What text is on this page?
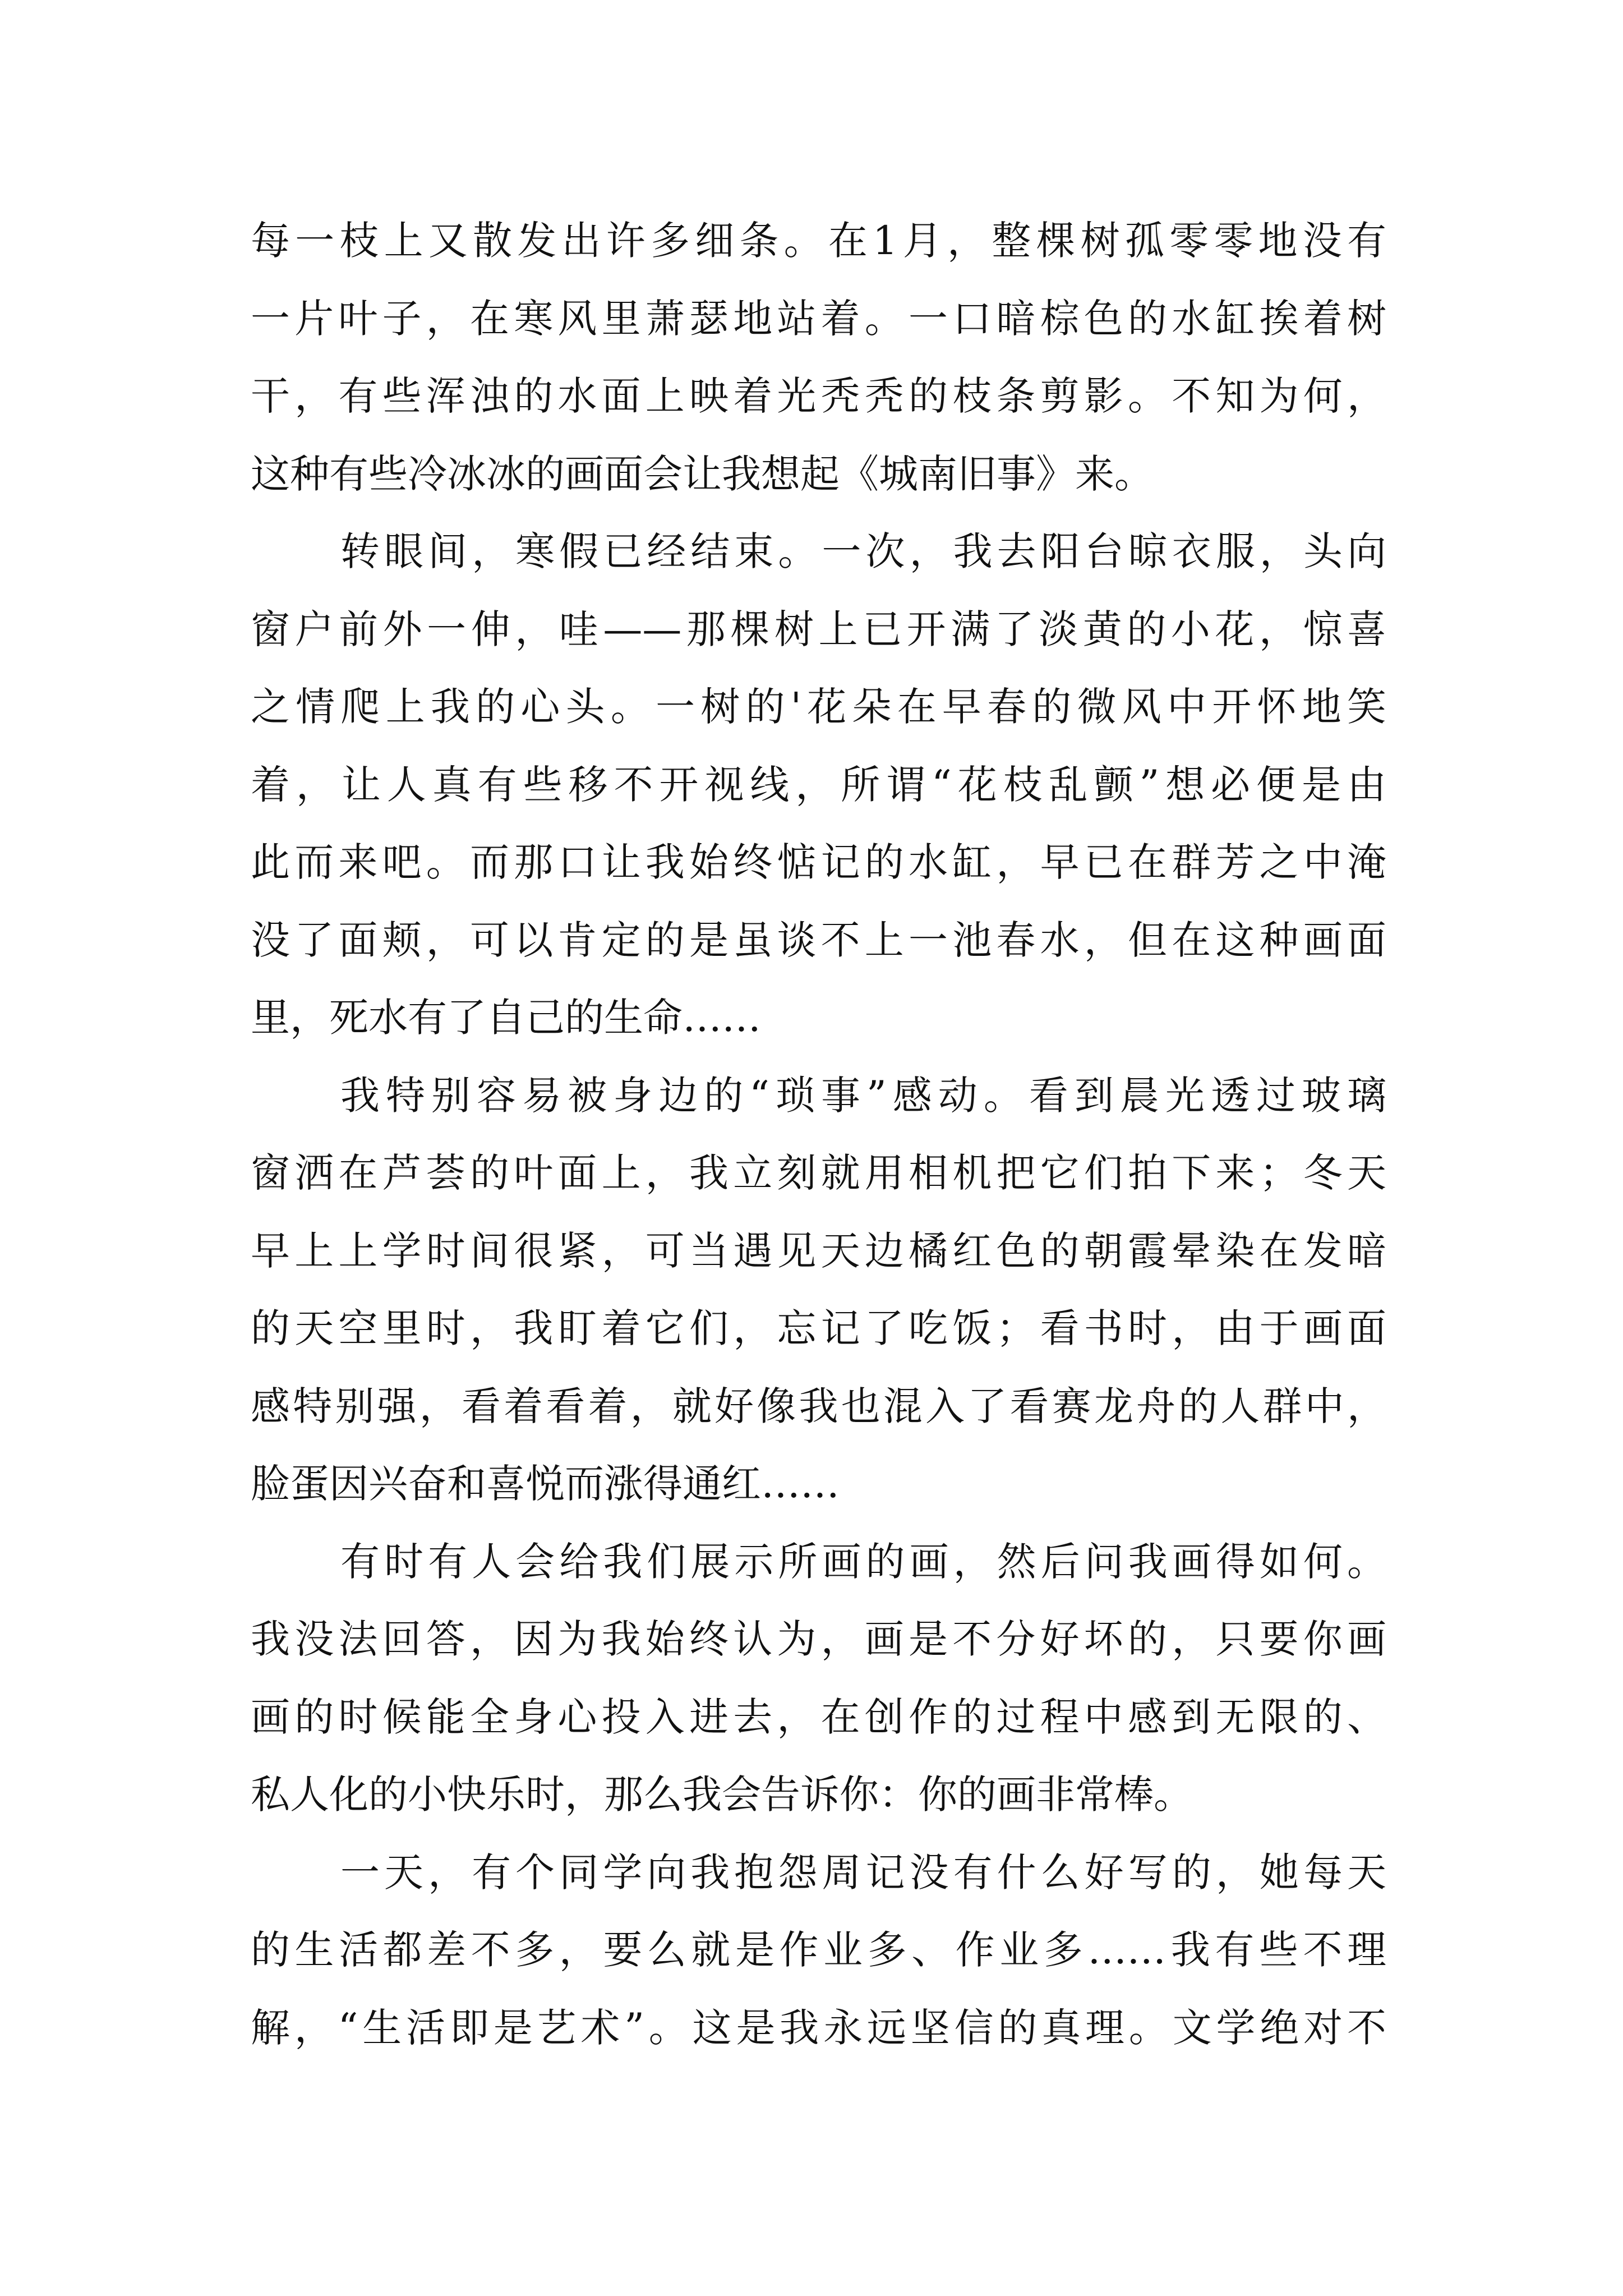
每一枝上又散发出许多细条。在1月，整棵树孤零零地没有
一片叶子，在寒风里萧瑟地站着。一口暗棕色的水缸挨着树
干，有些浑浊的水面上映着光秃秃的枝条剪影。不知为何，
这种有些冷冰冰的画面会让我想起《城南旧事》来。
转眼间，寒假已经结束。一次，我去阳台晾衣服，头向
窗户前外一伸，哇——那棵树上已开满了淡黄的小花，惊喜
之情爬上我的心头。一树的'花朵在早春的微风中开怀地笑
着，让人真有些移不开视线，所谓“花枝乱颤”想必便是由
此而来吧。而那口让我始终惦记的水缸，早已在群芳之中淹
没了面颊，可以肯定的是虽谈不上一池春水，但在这种画面
里，死水有了自己的生命……
我特别容易被身边的“琐事”感动。看到晨光透过玻璃
窗洒在芦荟的叶面上，我立刻就用相机把它们拍下来；冬天
早上上学时间很紧，可当遇见天边橘红色的朝霞晕染在发暗
的天空里时，我盯着它们，忘记了吃饭；看书时，由于画面
感特别强，看着看着，就好像我也混入了看赛龙舟的人群中，
脸蛋因兴奋和喜悦而涨得通红……
有时有人会给我们展示所画的画，然后问我画得如何。
我没法回答，因为我始终认为，画是不分好坏的，只要你画
画的时候能全身心投入进去，在创作的过程中感到无限的、
私人化的小快乐时，那么我会告诉你：你的画非常棒。
一天，有个同学向我抱怨周记没有什么好写的，她每天
的生活都差不多，要么就是作业多、作业多……我有些不理
解，“生活即是艺术”。这是我永远坚信的真理。文学绝对不
